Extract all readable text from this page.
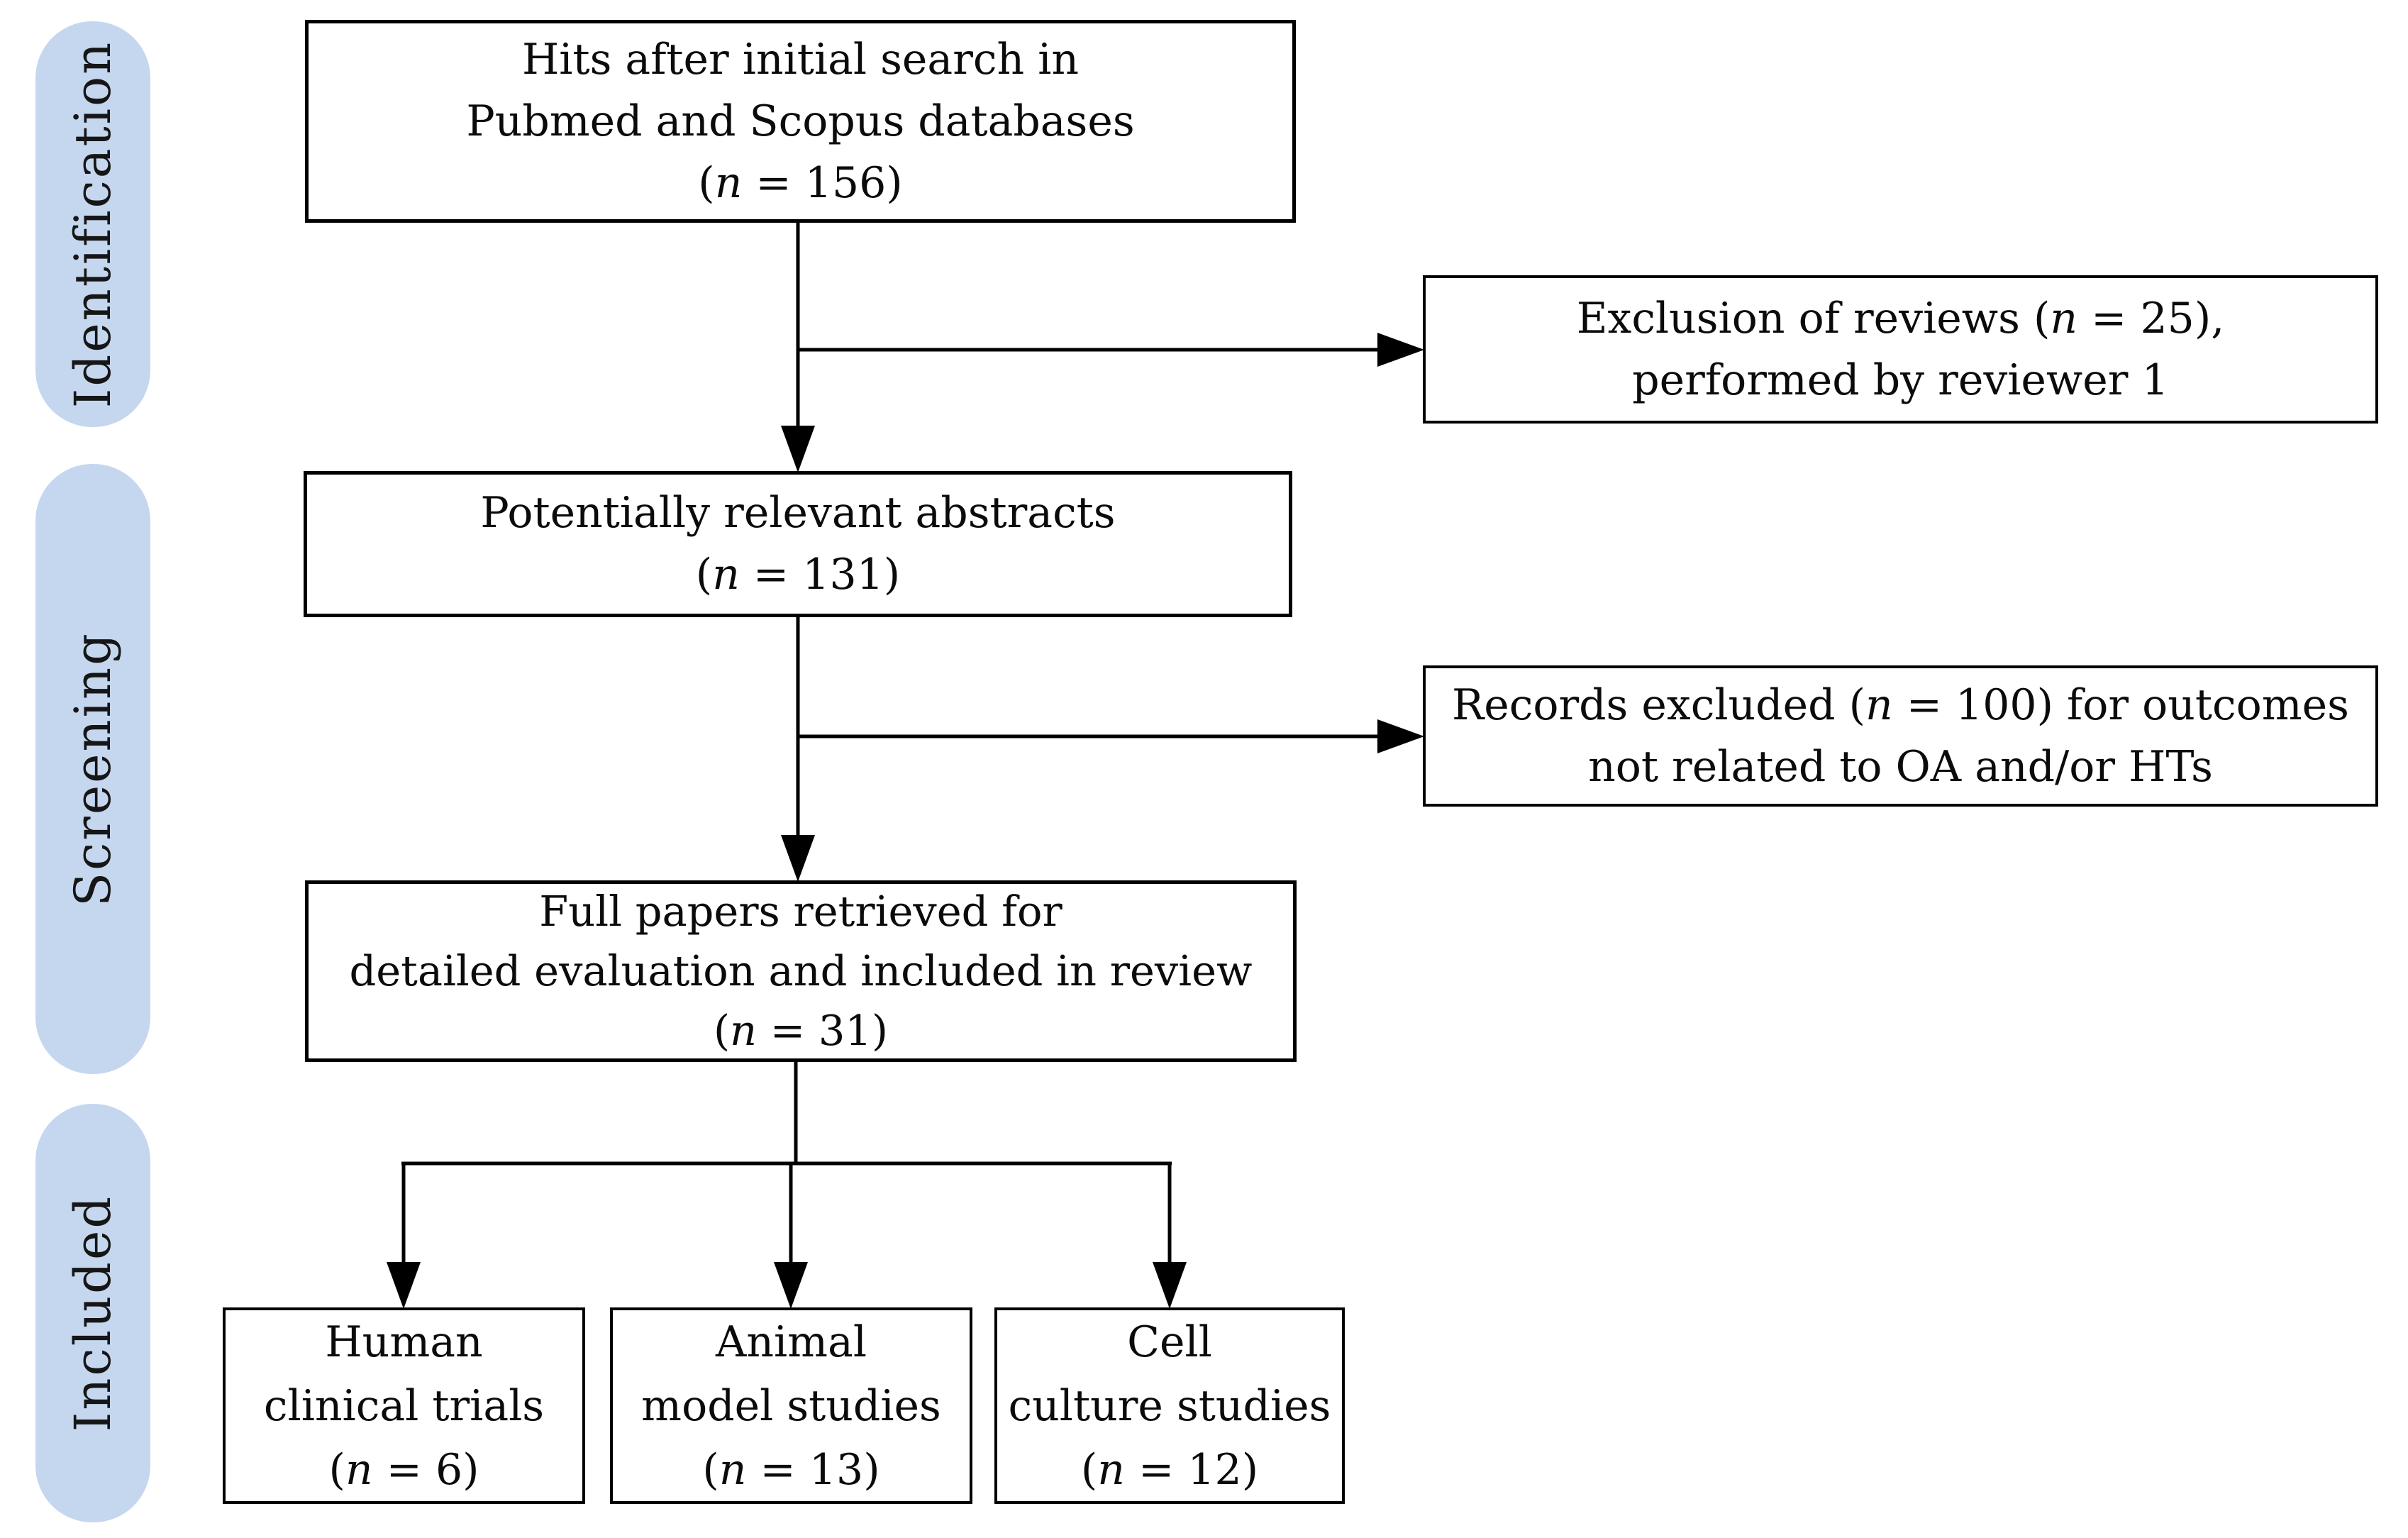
Identification
Screening
Included
Hits after initial search in
Pubmed and Scopus databases
(n = 156)
Exclusion of reviews (n = 25),
performed by reviewer 1
Potentially relevant abstracts
(n = 131)
Records excluded (n = 100) for outcomes
not related to OA and/or HTs
Full papers retrieved for
detailed evaluation and included in review
(n = 31)
Human
clinical trials
(n = 6)
Animal
model studies
(n = 13)
Cell
culture studies
(n = 12)
